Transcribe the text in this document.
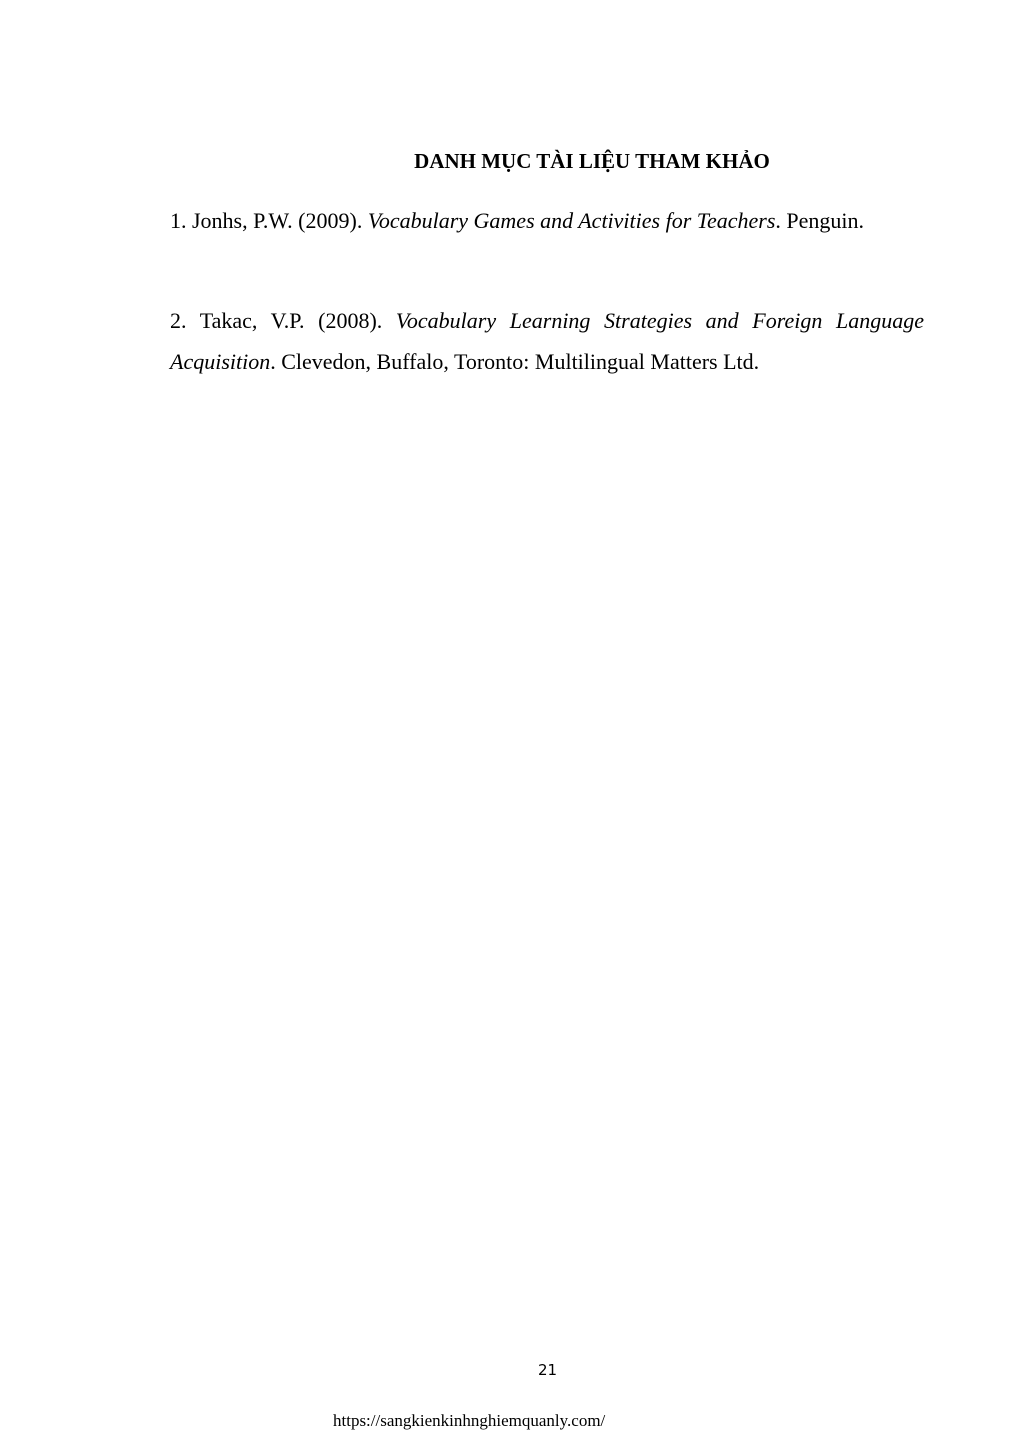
DANH MỤC TÀI LIỆU THAM KHẢO

1. Jonhs, P.W. (2009). Vocabulary Games and Activities for Teachers. Penguin.

2. Takac, V.P. (2008). Vocabulary Learning Strategies and Foreign Language Acquisition. Clevedon, Buffalo, Toronto: Multilingual Matters Ltd.

21
https://sangkienkinhnghiemquanly.com/
